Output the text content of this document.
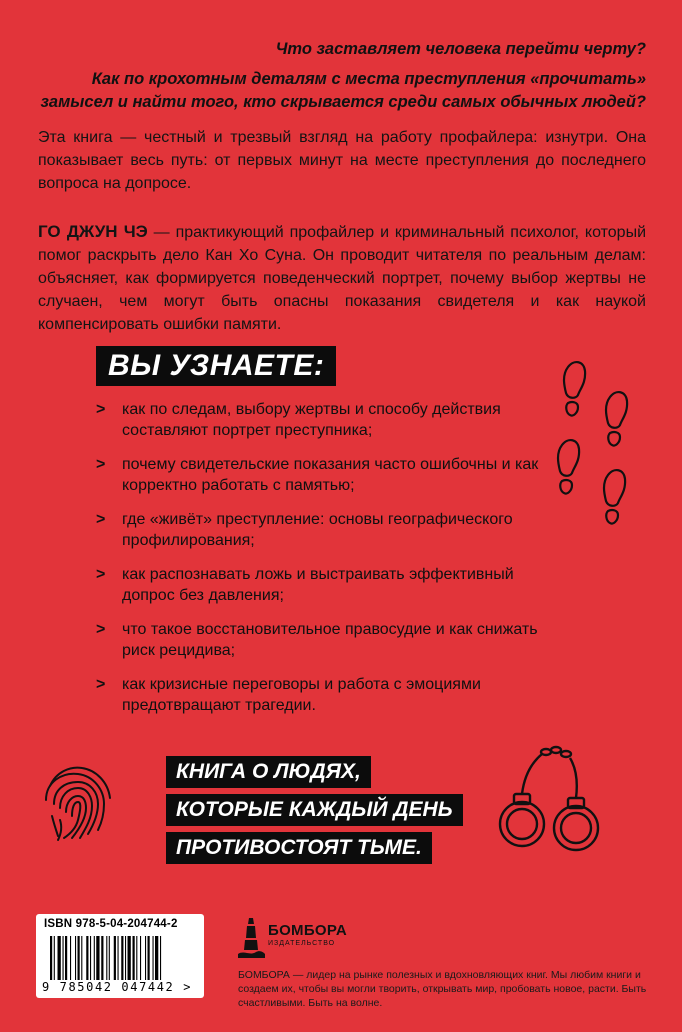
Что заставляет человека перейти черту?

Как по крохотным деталям с места преступления «прочитать»
замысел и найти того, кто скрывается среди самых обычных людей?

Эта книга — честный и трезвый взгляд на работу профайлера: изнутри. Она показывает весь путь: от первых минут на месте преступления до последнего вопроса на допросе.

ГО ДЖУН ЧЭ — практикующий профайлер и криминальный психолог, который помог раскрыть дело Кан Хо Суна. Он проводит читателя по реальным делам: объясняет, как формируется поведенческий портрет, почему выбор жертвы не случаен, чем могут быть опасны показания свидетеля и как наукой компенсировать ошибки памяти.

ВЫ УЗНАЕТЕ:
> как по следам, выбору жертвы и способу действия составляют портрет преступника;
> почему свидетельские показания часто ошибочны и как корректно работать с памятью;
> где «живёт» преступление: основы географического профилирования;
> как распознавать ложь и выстраивать эффективный допрос без давления;
> что такое восстановительное правосудие и как снижать риск рецидива;
> как кризисные переговоры и работа с эмоциями предотвращают трагедии.
КНИГА О ЛЮДЯХ,
КОТОРЫЕ КАЖДЫЙ ДЕНЬ
ПРОТИВОСТОЯТ ТЬМЕ.
ISBN 978-5-04-204744-2
9 785042 047442 >
БОМБОРА
ИЗДАТЕЛЬСТВО

БОМБОРА — лидер на рынке полезных и вдохновляющих книг. Мы любим книги и создаем их, чтобы вы могли творить, открывать мир, пробовать новое, расти. Быть счастливыми. Быть на волне.
